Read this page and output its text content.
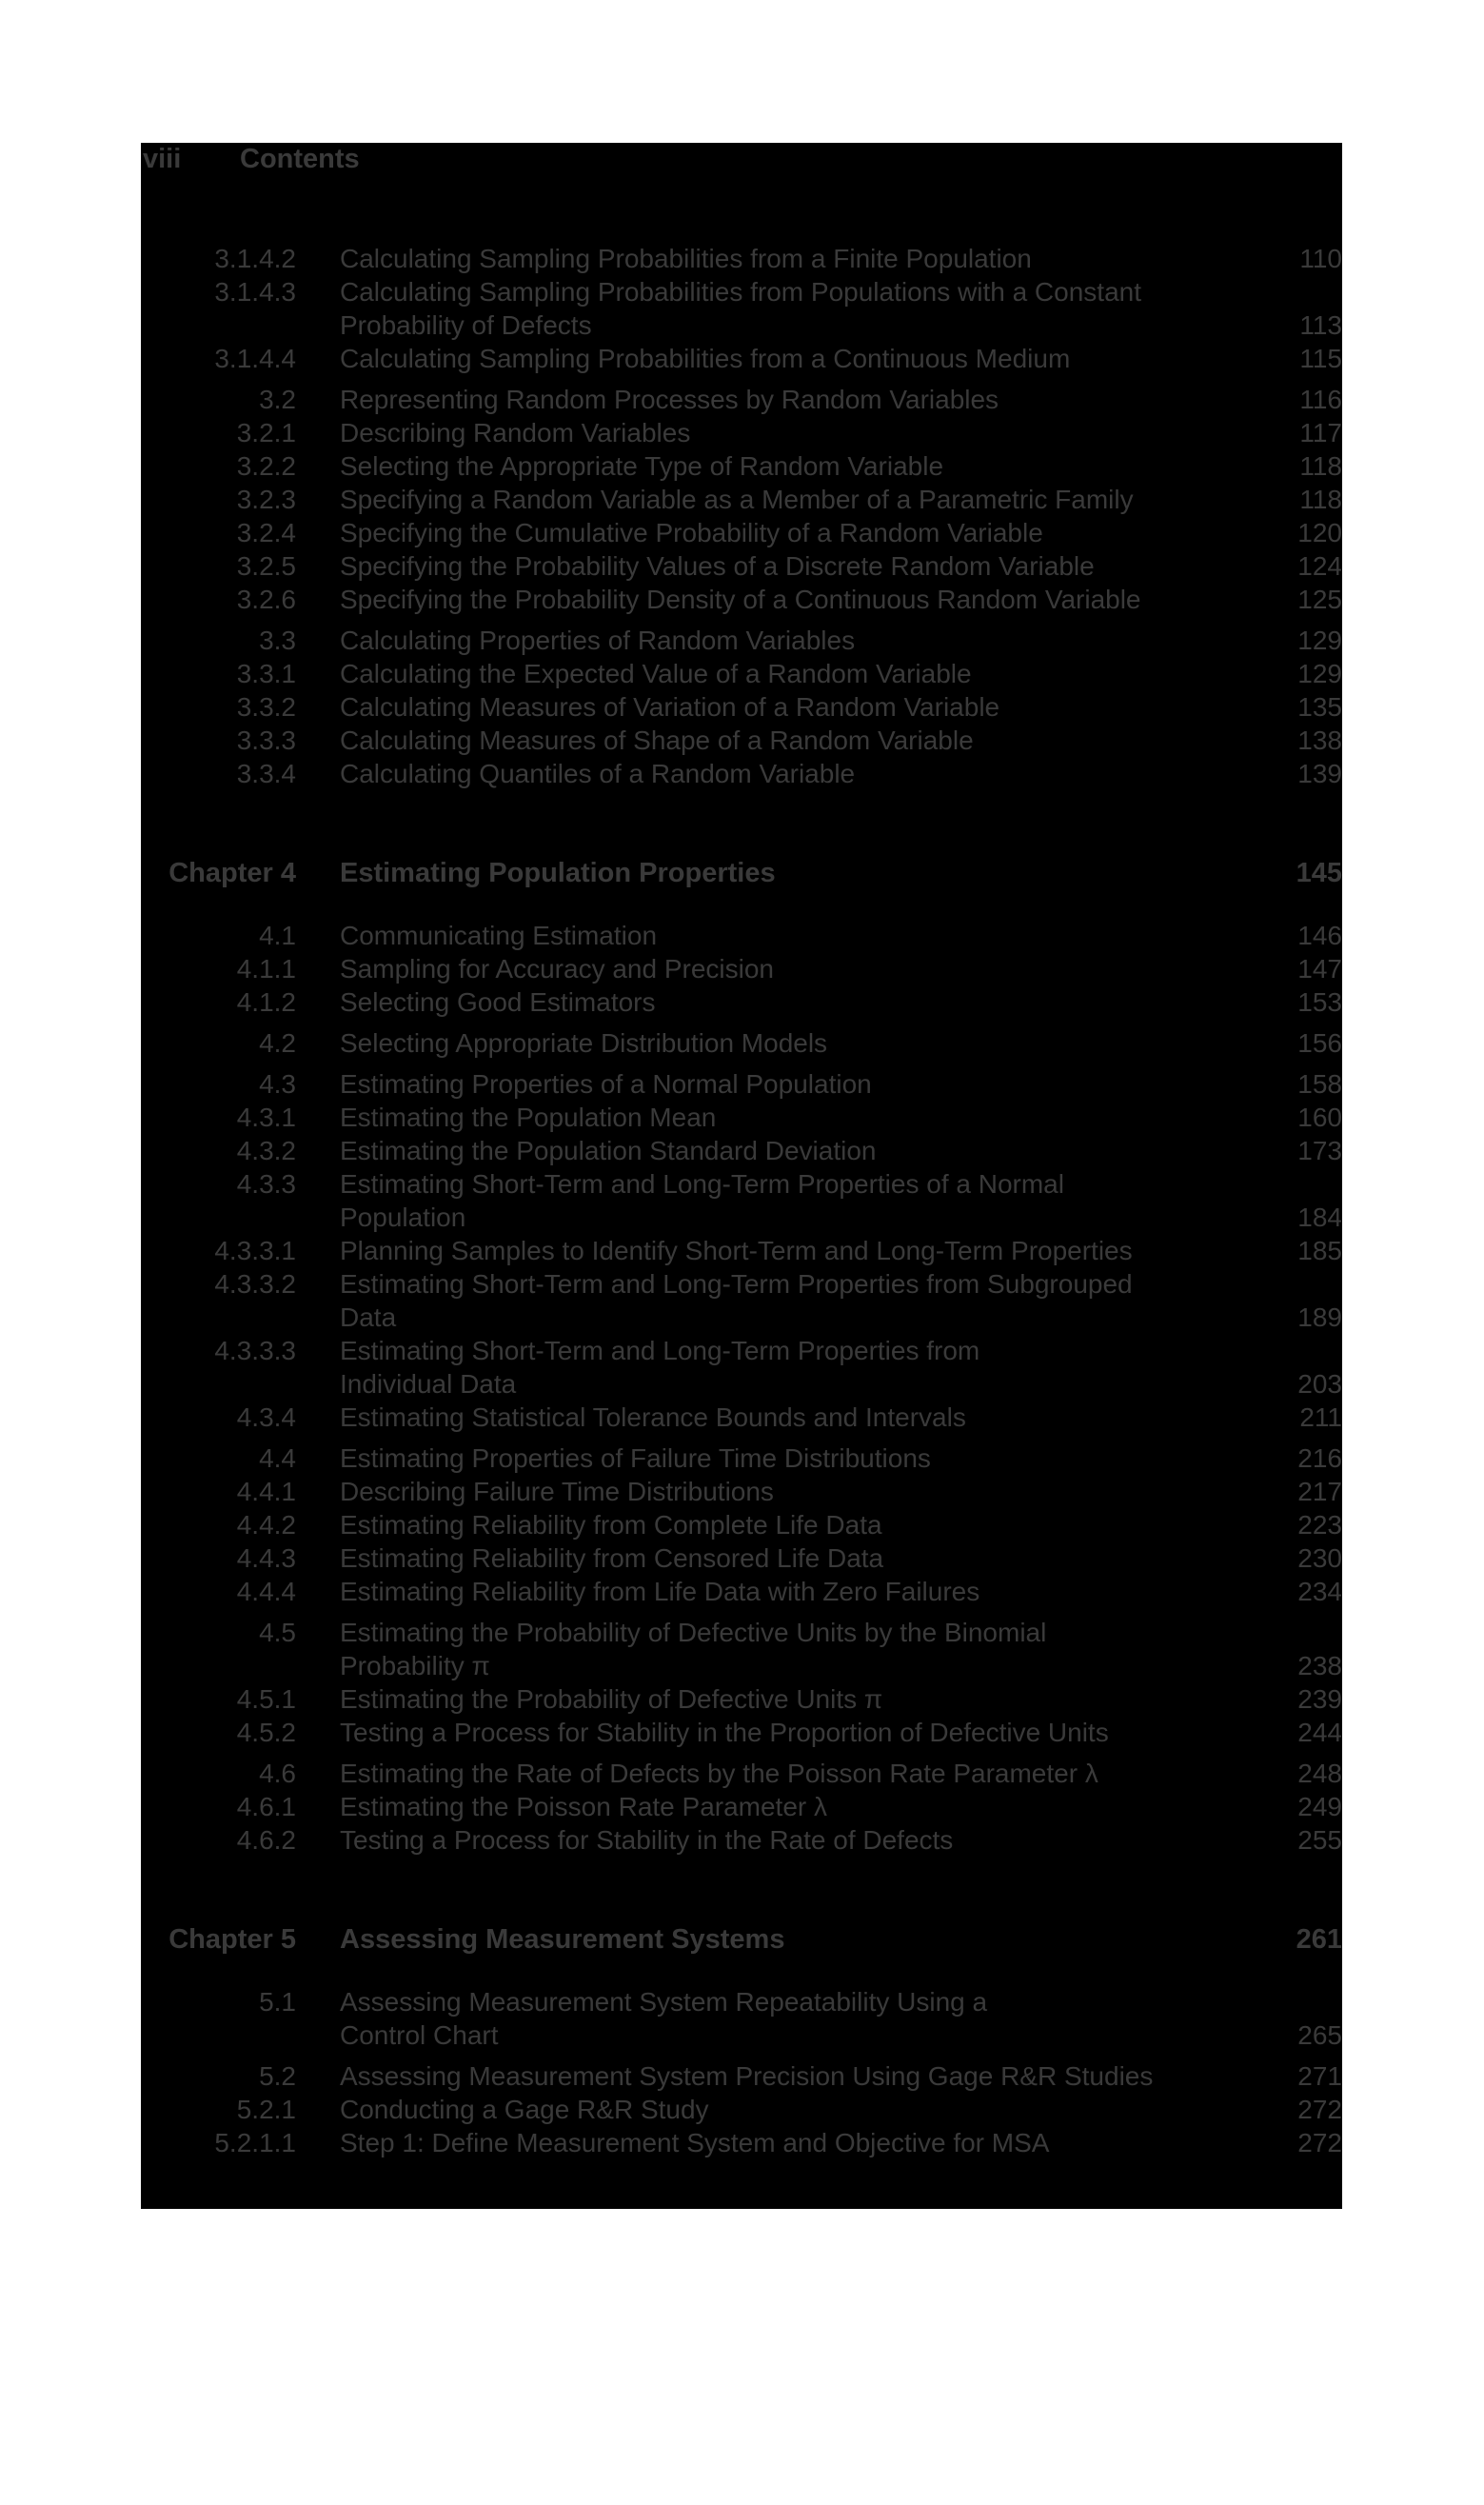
viii Contents
3.1.4.2 Calculating Sampling Probabilities from a Finite Population	110
3.1.4.3 Calculating Sampling Probabilities from Populations with a Constant
Probability of Defects	113
3.1.4.4 Calculating Sampling Probabilities from a Continuous Medium	115
3.2 Representing Random Processes by Random Variables	116
3.2.1 Describing Random Variables	117
3.2.2 Selecting the Appropriate Type of Random Variable	118
3.2.3 Specifying a Random Variable as a Member of a Parametric Family	118
3.2.4 Specifying the Cumulative Probability of a Random Variable	120
3.2.5 Specifying the Probability Values of a Discrete Random Variable	124
3.2.6 Specifying the Probability Density of a Continuous Random Variable	125
3.3 Calculating Properties of Random Variables	129
3.3.1 Calculating the Expected Value of a Random Variable	129
3.3.2 Calculating Measures of Variation of a Random Variable	135
3.3.3 Calculating Measures of Shape of a Random Variable	138
3.3.4 Calculating Quantiles of a Random Variable	139
Chapter 4 Estimating Population Properties	145
4.1 Communicating Estimation	146
4.1.1 Sampling for Accuracy and Precision	147
4.1.2 Selecting Good Estimators	153
4.2 Selecting Appropriate Distribution Models	156
4.3 Estimating Properties of a Normal Population	158
4.3.1 Estimating the Population Mean	160
4.3.2 Estimating the Population Standard Deviation	173
4.3.3 Estimating Short-Term and Long-Term Properties of a Normal
Population	184
4.3.3.1 Planning Samples to Identify Short-Term and Long-Term Properties	185
4.3.3.2 Estimating Short-Term and Long-Term Properties from Subgrouped
Data	189
4.3.3.3 Estimating Short-Term and Long-Term Properties from
Individual Data	203
4.3.4 Estimating Statistical Tolerance Bounds and Intervals	211
4.4 Estimating Properties of Failure Time Distributions	216
4.4.1 Describing Failure Time Distributions	217
4.4.2 Estimating Reliability from Complete Life Data	223
4.4.3 Estimating Reliability from Censored Life Data	230
4.4.4 Estimating Reliability from Life Data with Zero Failures	234
4.5 Estimating the Probability of Defective Units by the Binomial
Probability π	238
4.5.1 Estimating the Probability of Defective Units π	239
4.5.2 Testing a Process for Stability in the Proportion of Defective Units	244
4.6 Estimating the Rate of Defects by the Poisson Rate Parameter λ	248
4.6.1 Estimating the Poisson Rate Parameter λ	249
4.6.2 Testing a Process for Stability in the Rate of Defects	255
Chapter 5 Assessing Measurement Systems	261
5.1 Assessing Measurement System Repeatability Using a
Control Chart	265
5.2 Assessing Measurement System Precision Using Gage R&R Studies	271
5.2.1 Conducting a Gage R&R Study	272
5.2.1.1 Step 1: Define Measurement System and Objective for MSA	272
